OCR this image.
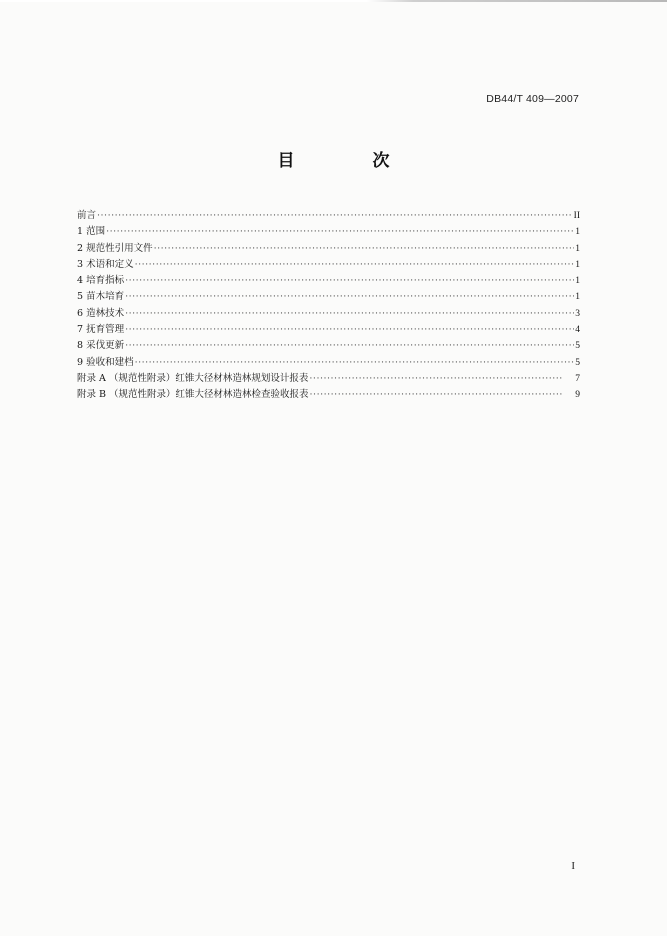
DB44/T 409—2007
目 次
前言 ·····	II
1 范围 ·····	1
2 规范性引用文件 ·····	1
3 术语和定义 ·····	1
4 培育指标 ·····	1
5 苗木培育 ·····	1
6 造林技术 ·····	3
7 抚育管理 ·····	4
8 采伐更新 ·····	5
9 验收和建档 ·····	5
附录 A （规范性附录）红锥大径材林造林规划设计报表 ·····	7
附录 B （规范性附录）红锥大径材林造林检查验收报表 ·····	9
I
